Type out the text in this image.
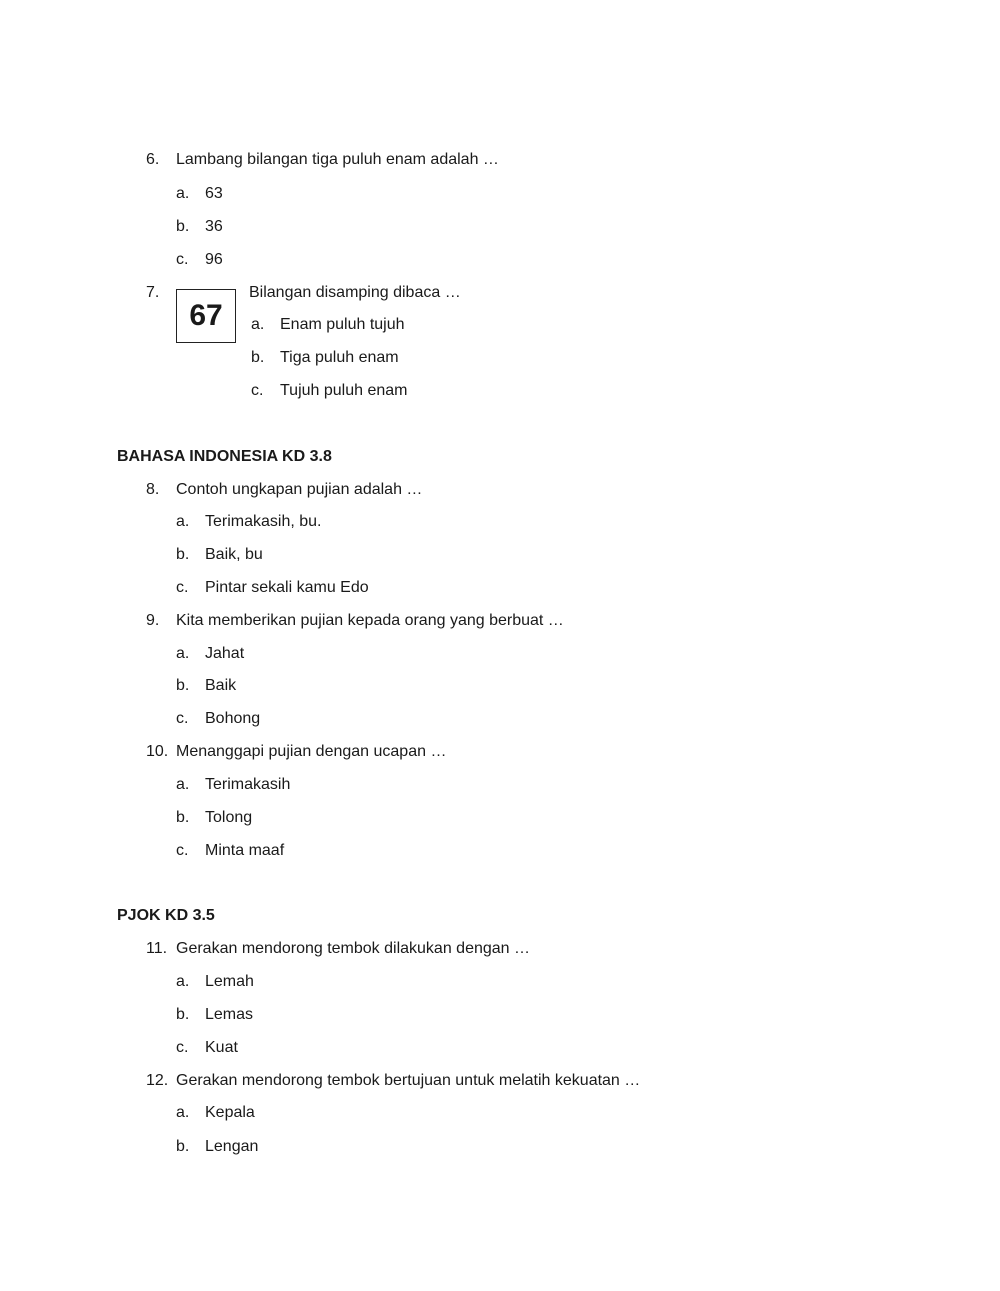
6. Lambang bilangan tiga puluh enam adalah …
a. 63
b. 36
c. 96
7.
67
Bilangan disamping dibaca …
a. Enam puluh tujuh
b. Tiga puluh enam
c. Tujuh puluh enam
BAHASA INDONESIA KD 3.8
8. Contoh ungkapan pujian adalah …
a. Terimakasih, bu.
b. Baik, bu
c. Pintar sekali kamu Edo
9. Kita memberikan pujian kepada orang yang berbuat …
a. Jahat
b. Baik
c. Bohong
10. Menanggapi pujian dengan ucapan …
a. Terimakasih
b. Tolong
c. Minta maaf
PJOK KD 3.5
11. Gerakan mendorong tembok dilakukan dengan …
a. Lemah
b. Lemas
c. Kuat
12. Gerakan mendorong tembok bertujuan untuk melatih kekuatan …
a. Kepala
b. Lengan
